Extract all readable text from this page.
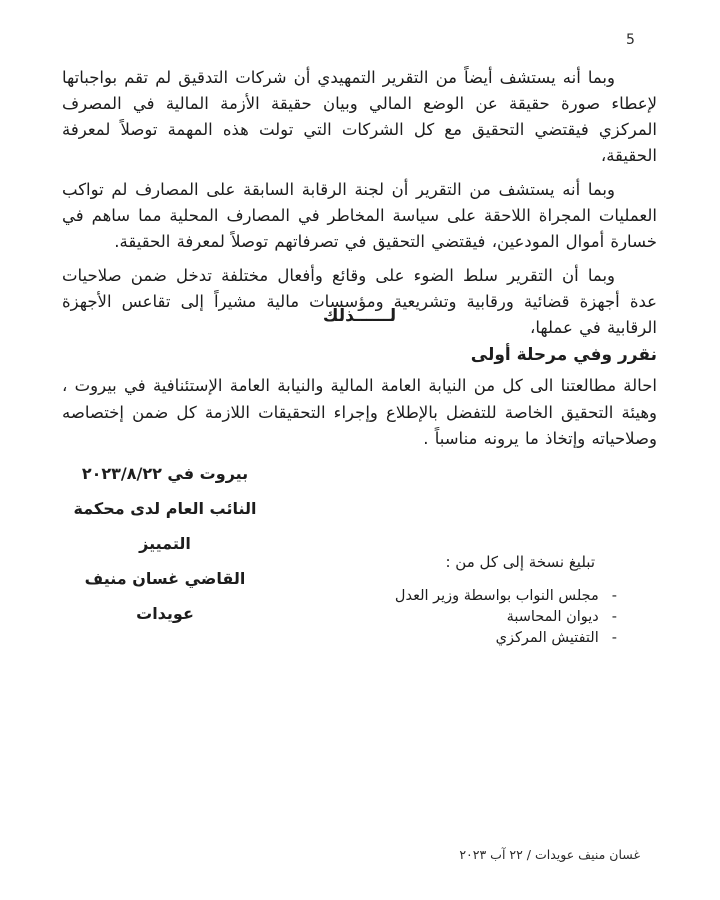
5

وبما أنه يستشف أيضاً من التقرير التمهيدي أن شركات التدقيق لم تقم بواجباتها لإعطاء صورة حقيقة عن الوضع المالي وبيان حقيقة الأزمة المالية في المصرف المركزي فيقتضي التحقيق مع كل الشركات التي تولت هذه المهمة توصلاً لمعرفة الحقيقة،

وبما أنه يستشف من التقرير أن لجنة الرقابة السابقة على المصارف لم تواكب العمليات المجراة اللاحقة على سياسة المخاطر في المصارف المحلية مما ساهم في خسارة أموال المودعين، فيقتضي التحقيق في تصرفاتهم توصلاً لمعرفة الحقيقة.

وبما أن التقرير سلط الضوء على وقائع وأفعال مختلفة تدخل ضمن صلاحيات عدة أجهزة قضائية ورقابية وتشريعية ومؤسسات مالية مشيراً إلى تقاعس الأجهزة الرقابية في عملها،

لــــــذلك
نقرر وفي مرحلة أولى

احالة مطالعتنا الى كل من النيابة العامة المالية والنيابة العامة الإستئنافية في بيروت ، وهيئة التحقيق الخاصة للتفضل بالإطلاع وإجراء التحقيقات اللازمة كل ضمن إختصاصه وصلاحياته وإتخاذ ما يرونه مناسباً .

بيروت في ٢٠٢٣/٨/٢٢
النائب العام لدى محكمة التمييز
القاضي غسان منيف عويدات
تبليغ نسخة إلى كل من :
-
مجلس النواب بواسطة وزير العدل
-
ديوان المحاسبة
-
التفتيش المركزي
غسان منيف عويدات / ٢٢ آب ٢٠٢٣
